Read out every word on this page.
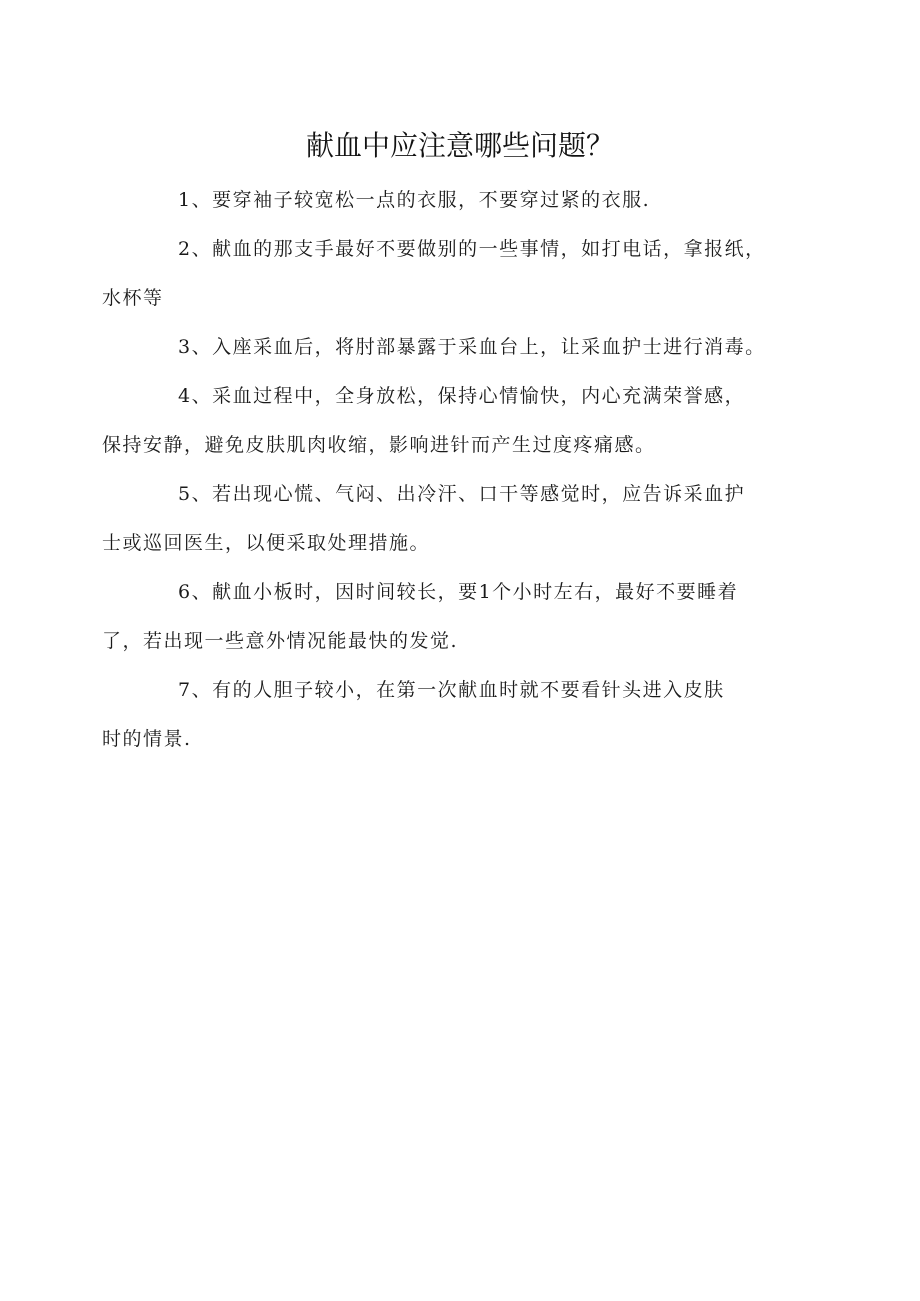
献血中应注意哪些问题？

1、要穿袖子较宽松一点的衣服，不要穿过紧的衣服.

2、献血的那支手最好不要做别的一些事情，如打电话，拿报纸，
水杯等

3、入座采血后，将肘部暴露于采血台上，让采血护士进行消毒。

4、采血过程中，全身放松，保持心情愉快，内心充满荣誉感，
保持安静，避免皮肤肌肉收缩，影响进针而产生过度疼痛感。

5、若出现心慌、气闷、出冷汗、口干等感觉时，应告诉采血护
士或巡回医生，以便采取处理措施。

6、献血小板时，因时间较长，要1个小时左右，最好不要睡着
了，若出现一些意外情况能最快的发觉.

7、有的人胆子较小，在第一次献血时就不要看针头进入皮肤
时的情景.
